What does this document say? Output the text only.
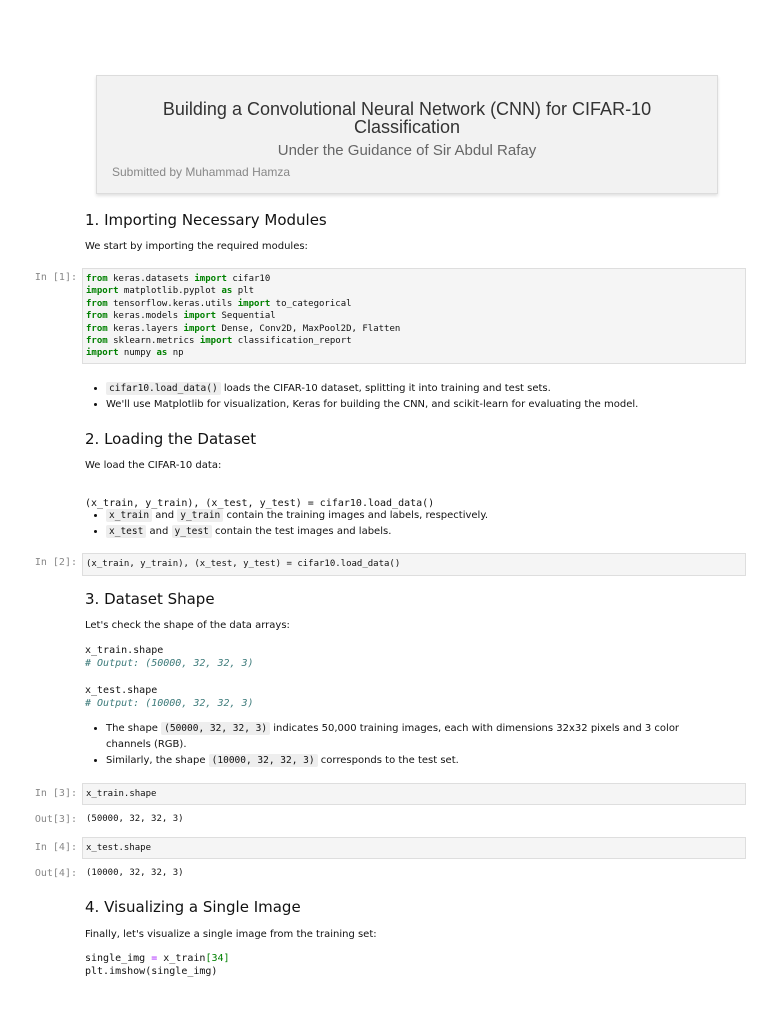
Building a Convolutional Neural Network (CNN) for CIFAR-10 Classification
Under the Guidance of Sir Abdul Rafay
Submitted by Muhammad Hamza
1. Importing Necessary Modules
We start by importing the required modules:
In [1]: from keras.datasets import cifar10
import matplotlib.pyplot as plt
from tensorflow.keras.utils import to_categorical
from keras.models import Sequential
from keras.layers import Dense, Conv2D, MaxPool2D, Flatten
from sklearn.metrics import classification_report
import numpy as np
• cifar10.load_data() loads the CIFAR-10 dataset, splitting it into training and test sets.
• We'll use Matplotlib for visualization, Keras for building the CNN, and scikit-learn for evaluating the model.
2. Loading the Dataset
We load the CIFAR-10 data:

(x_train, y_train), (x_test, y_test) = cifar10.load_data()
• x_train and y_train contain the training images and labels, respectively.
• x_test and y_test contain the test images and labels.
In [2]:	(x_train, y_train), (x_test, y_test) = cifar10.load_data()
3. Dataset Shape
Let's check the shape of the data arrays:
x_train.shape
# Output: (50000, 32, 32, 3)
x_test.shape
# Output: (10000, 32, 32, 3)
• The shape (50000, 32, 32, 3) indicates 50,000 training images, each with dimensions 32x32 pixels and 3 color channels (RGB).
• Similarly, the shape (10000, 32, 32, 3) corresponds to the test set.
In [3]:	x_train.shape
Out[3]: (50000, 32, 32, 3)
In [4]:	x_test.shape
Out[4]: (10000, 32, 32, 3)
4. Visualizing a Single Image
Finally, let's visualize a single image from the training set:
single_img = x_train[34]
plt.imshow(single_img)
